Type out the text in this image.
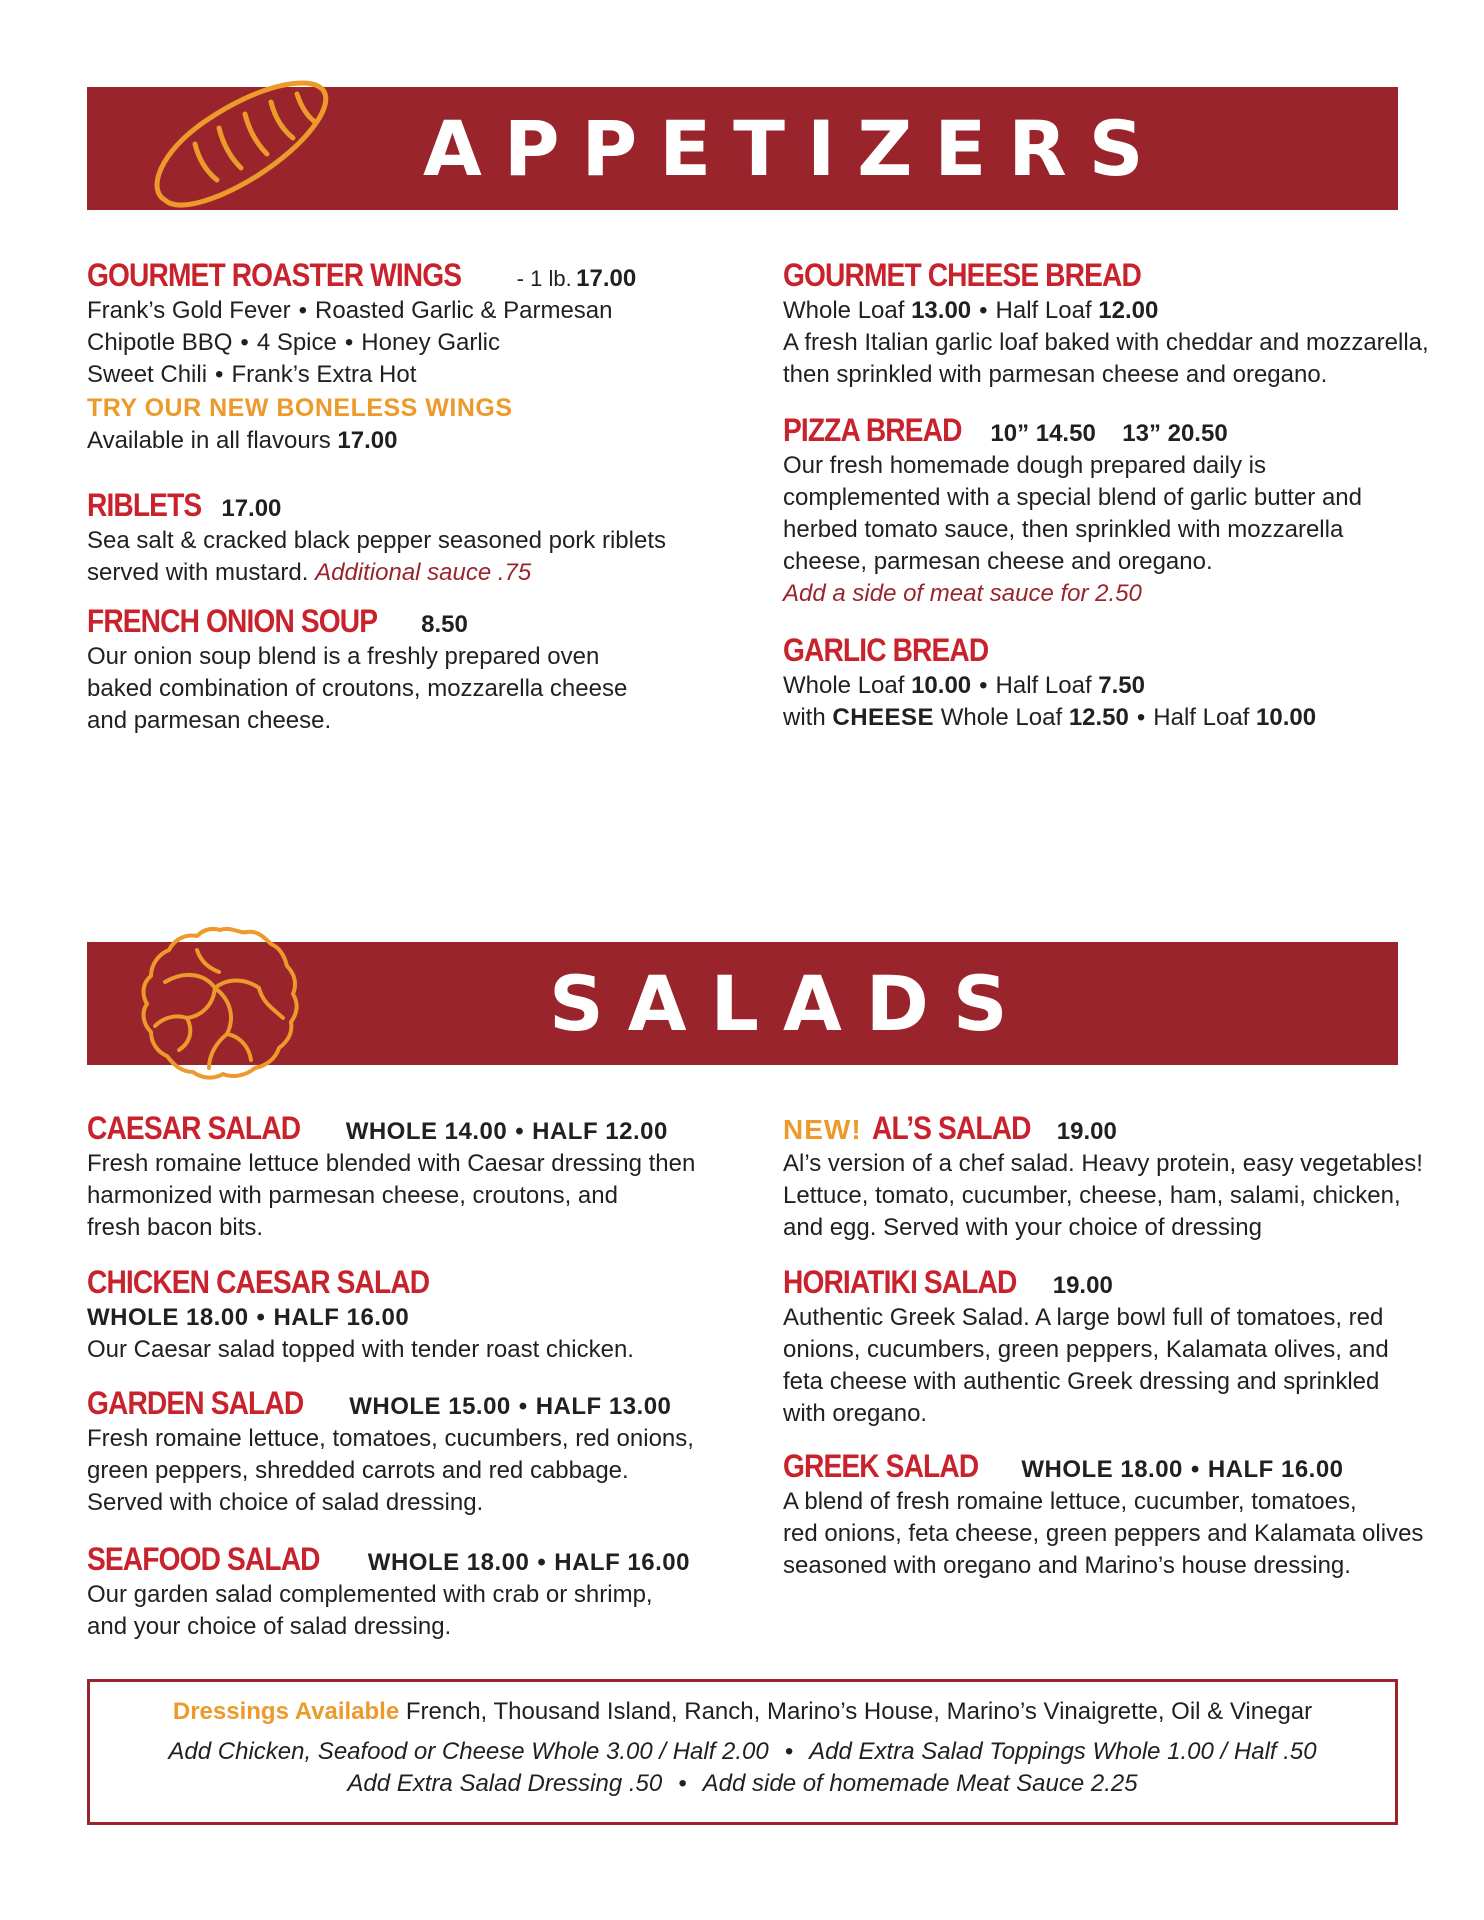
APPETIZERS
GOURMET ROASTER WINGS	- 1 lb. 17.00
Frank’s Gold Fever • Roasted Garlic & Parmesan
Chipotle BBQ • 4 Spice • Honey Garlic
Sweet Chili • Frank’s Extra Hot
TRY OUR NEW BONELESS WINGS
Available in all flavours 17.00
RIBLETS 17.00
Sea salt & cracked black pepper seasoned pork riblets
served with mustard. Additional sauce .75
FRENCH ONION SOUP 8.50
Our onion soup blend is a freshly prepared oven
baked combination of croutons, mozzarella cheese
and parmesan cheese.
GOURMET CHEESE BREAD
Whole Loaf 13.00 • Half Loaf 12.00
A fresh Italian garlic loaf baked with cheddar and mozzarella,
then sprinkled with parmesan cheese and oregano.
PIZZA BREAD 10” 14.50 13” 20.50
Our fresh homemade dough prepared daily is
complemented with a special blend of garlic butter and
herbed tomato sauce, then sprinkled with mozzarella
cheese, parmesan cheese and oregano.
Add a side of meat sauce for 2.50
GARLIC BREAD
Whole Loaf 10.00 • Half Loaf 7.50
with CHEESE Whole Loaf 12.50 • Half Loaf 10.00
SALADS
CAESAR SALAD WHOLE 14.00 • HALF 12.00
Fresh romaine lettuce blended with Caesar dressing then
harmonized with parmesan cheese, croutons, and
fresh bacon bits.
CHICKEN CAESAR SALAD
WHOLE 18.00 • HALF 16.00
Our Caesar salad topped with tender roast chicken.
GARDEN SALAD WHOLE 15.00 • HALF 13.00
Fresh romaine lettuce, tomatoes, cucumbers, red onions,
green peppers, shredded carrots and red cabbage.
Served with choice of salad dressing.
SEAFOOD SALAD WHOLE 18.00 • HALF 16.00
Our garden salad complemented with crab or shrimp,
and your choice of salad dressing.
NEW! AL’S SALAD 19.00
Al’s version of a chef salad. Heavy protein, easy vegetables!
Lettuce, tomato, cucumber, cheese, ham, salami, chicken,
and egg. Served with your choice of dressing
HORIATIKI SALAD 19.00
Authentic Greek Salad. A large bowl full of tomatoes, red
onions, cucumbers, green peppers, Kalamata olives, and
feta cheese with authentic Greek dressing and sprinkled
with oregano.
GREEK SALAD WHOLE 18.00 • HALF 16.00
A blend of fresh romaine lettuce, cucumber, tomatoes,
red onions, feta cheese, green peppers and Kalamata olives
seasoned with oregano and Marino’s house dressing.
Dressings Available French, Thousand Island, Ranch, Marino’s House, Marino’s Vinaigrette, Oil & Vinegar
Add Chicken, Seafood or Cheese Whole 3.00 / Half 2.00 • Add Extra Salad Toppings Whole 1.00 / Half .50
Add Extra Salad Dressing .50 • Add side of homemade Meat Sauce 2.25
